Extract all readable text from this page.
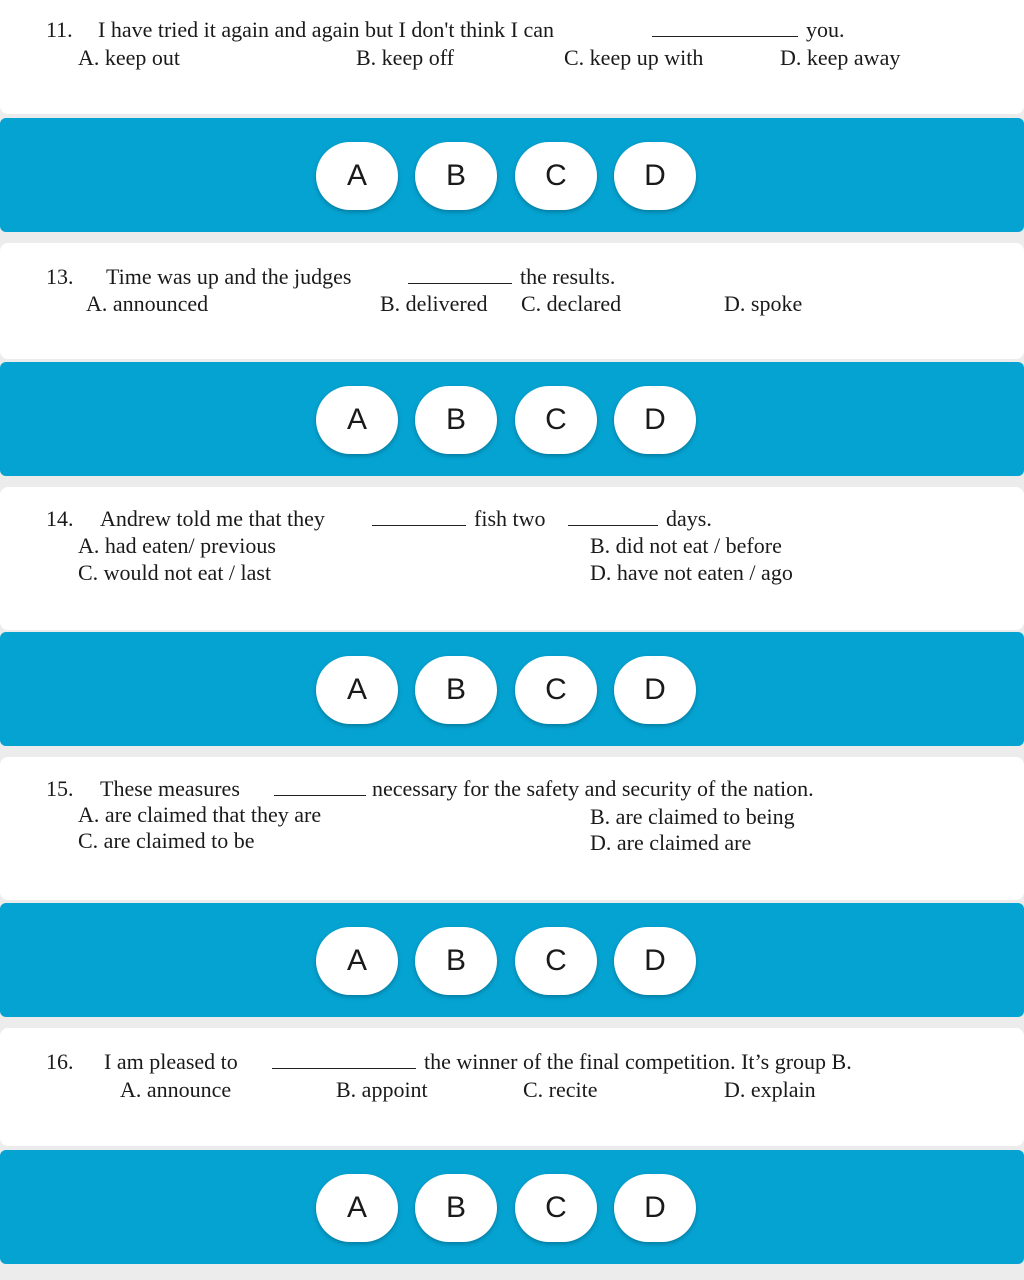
11. I have tried it again and again but I don't think I can	you.
A. keep out	B. keep off	C. keep up with	D. keep away
A	B	C	D
13. Time was up and the judges	the results.
A. announced	B. delivered C. declared	D. spoke
A	B	C	D
14. Andrew told me that they	fish two	days.
A. had eaten/ previous	B. did not eat / before
C. would not eat / last	D. have not eaten / ago
A	B	C	D
15. These measures	necessary for the safety and security of the nation.
A. are claimed that they are	B. are claimed to being
C. are claimed to be	D. are claimed are
A	B	C	D
16. I am pleased to	the winner of the final competition. It’s group B.
A. announce	B. appoint	C. recite	D. explain
A	B	C	D
